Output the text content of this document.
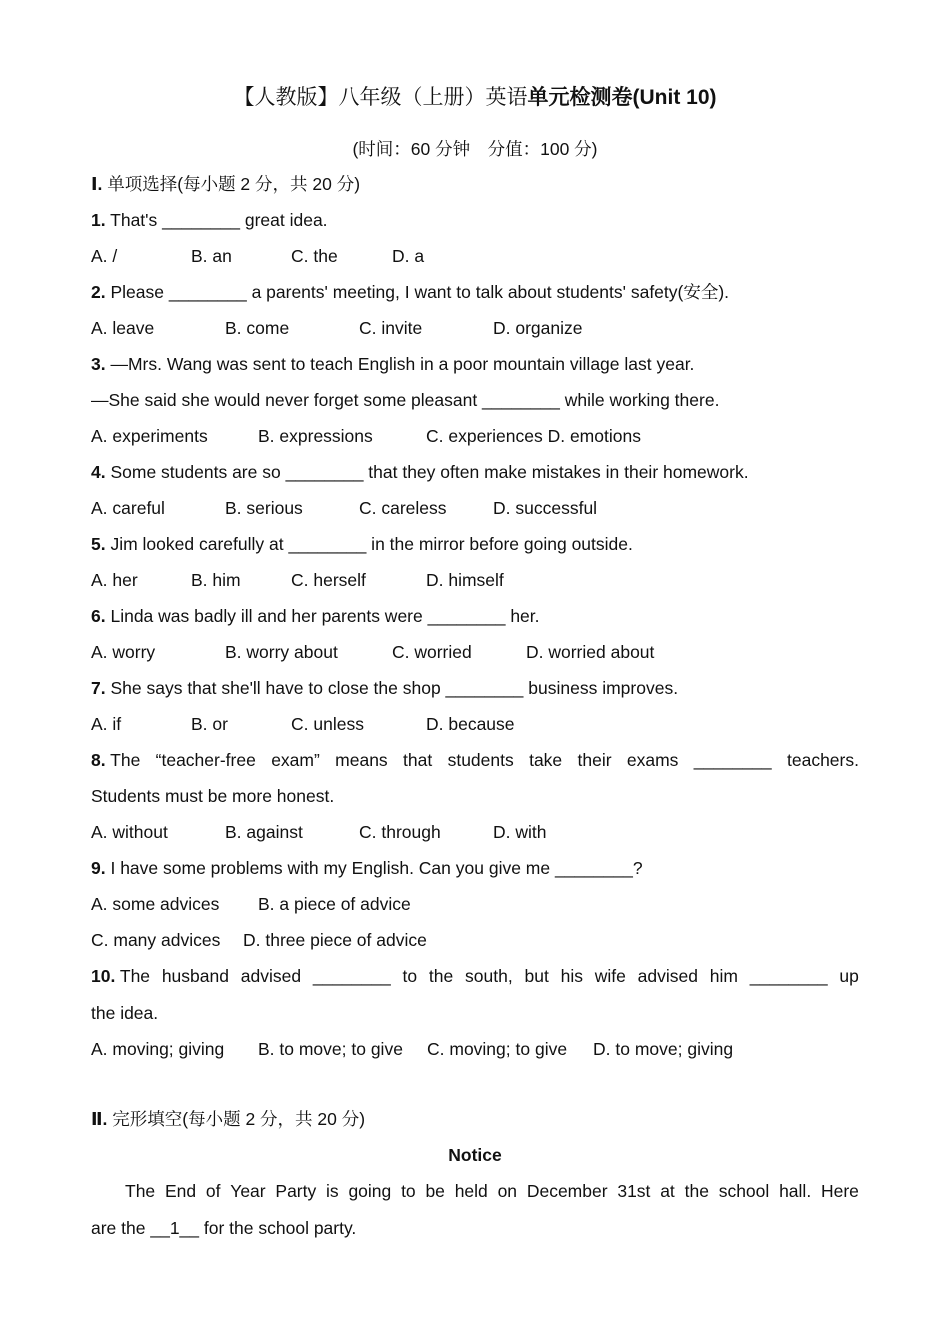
【人教版】八年级（上册）英语单元检测卷(Unit 10)
(时间：60 分钟　分值：100 分)
Ⅰ. 单项选择(每小题 2 分，共 20 分)
1. That's ________ great idea.
A. /	B. an	C. the	D. a
2. Please ________ a parents' meeting, I want to talk about students' safety(安全).
A. leave	B. come	C. invite	D. organize
3. —Mrs. Wang was sent to teach English in a poor mountain village last year.
—She said she would never forget some pleasant ________ while working there.
A. experiments	B. expressions	C. experiences D. emotions
4. Some students are so ________ that they often make mistakes in their homework.
A. careful	B. serious	C. careless	D. successful
5. Jim looked carefully at ________ in the mirror before going outside.
A. her	B. him	C. herself	D. himself
6. Linda was badly ill and her parents were ________ her.
A. worry	B. worry about	C. worried	D. worried about
7. She says that she'll have to close the shop ________ business improves.
A. if	B. or	C. unless	D. because
8. The “teacher-free exam” means that students take their exams ________ teachers.
Students must be more honest.
A. without	B. against	C. through	D. with
9. I have some problems with my English. Can you give me ________?
A. some advices B. a piece of advice
C. many advices D. three piece of advice
10. The husband advised ________ to the south, but his wife advised him ________ up
the idea.
A. moving; giving B. to move; to give C. moving; to give D. to move; giving
Ⅱ. 完形填空(每小题 2 分，共 20 分)
Notice
The End of Year Party is going to be held on December 31st at the school hall. Here
are the __1__ for the school party.
